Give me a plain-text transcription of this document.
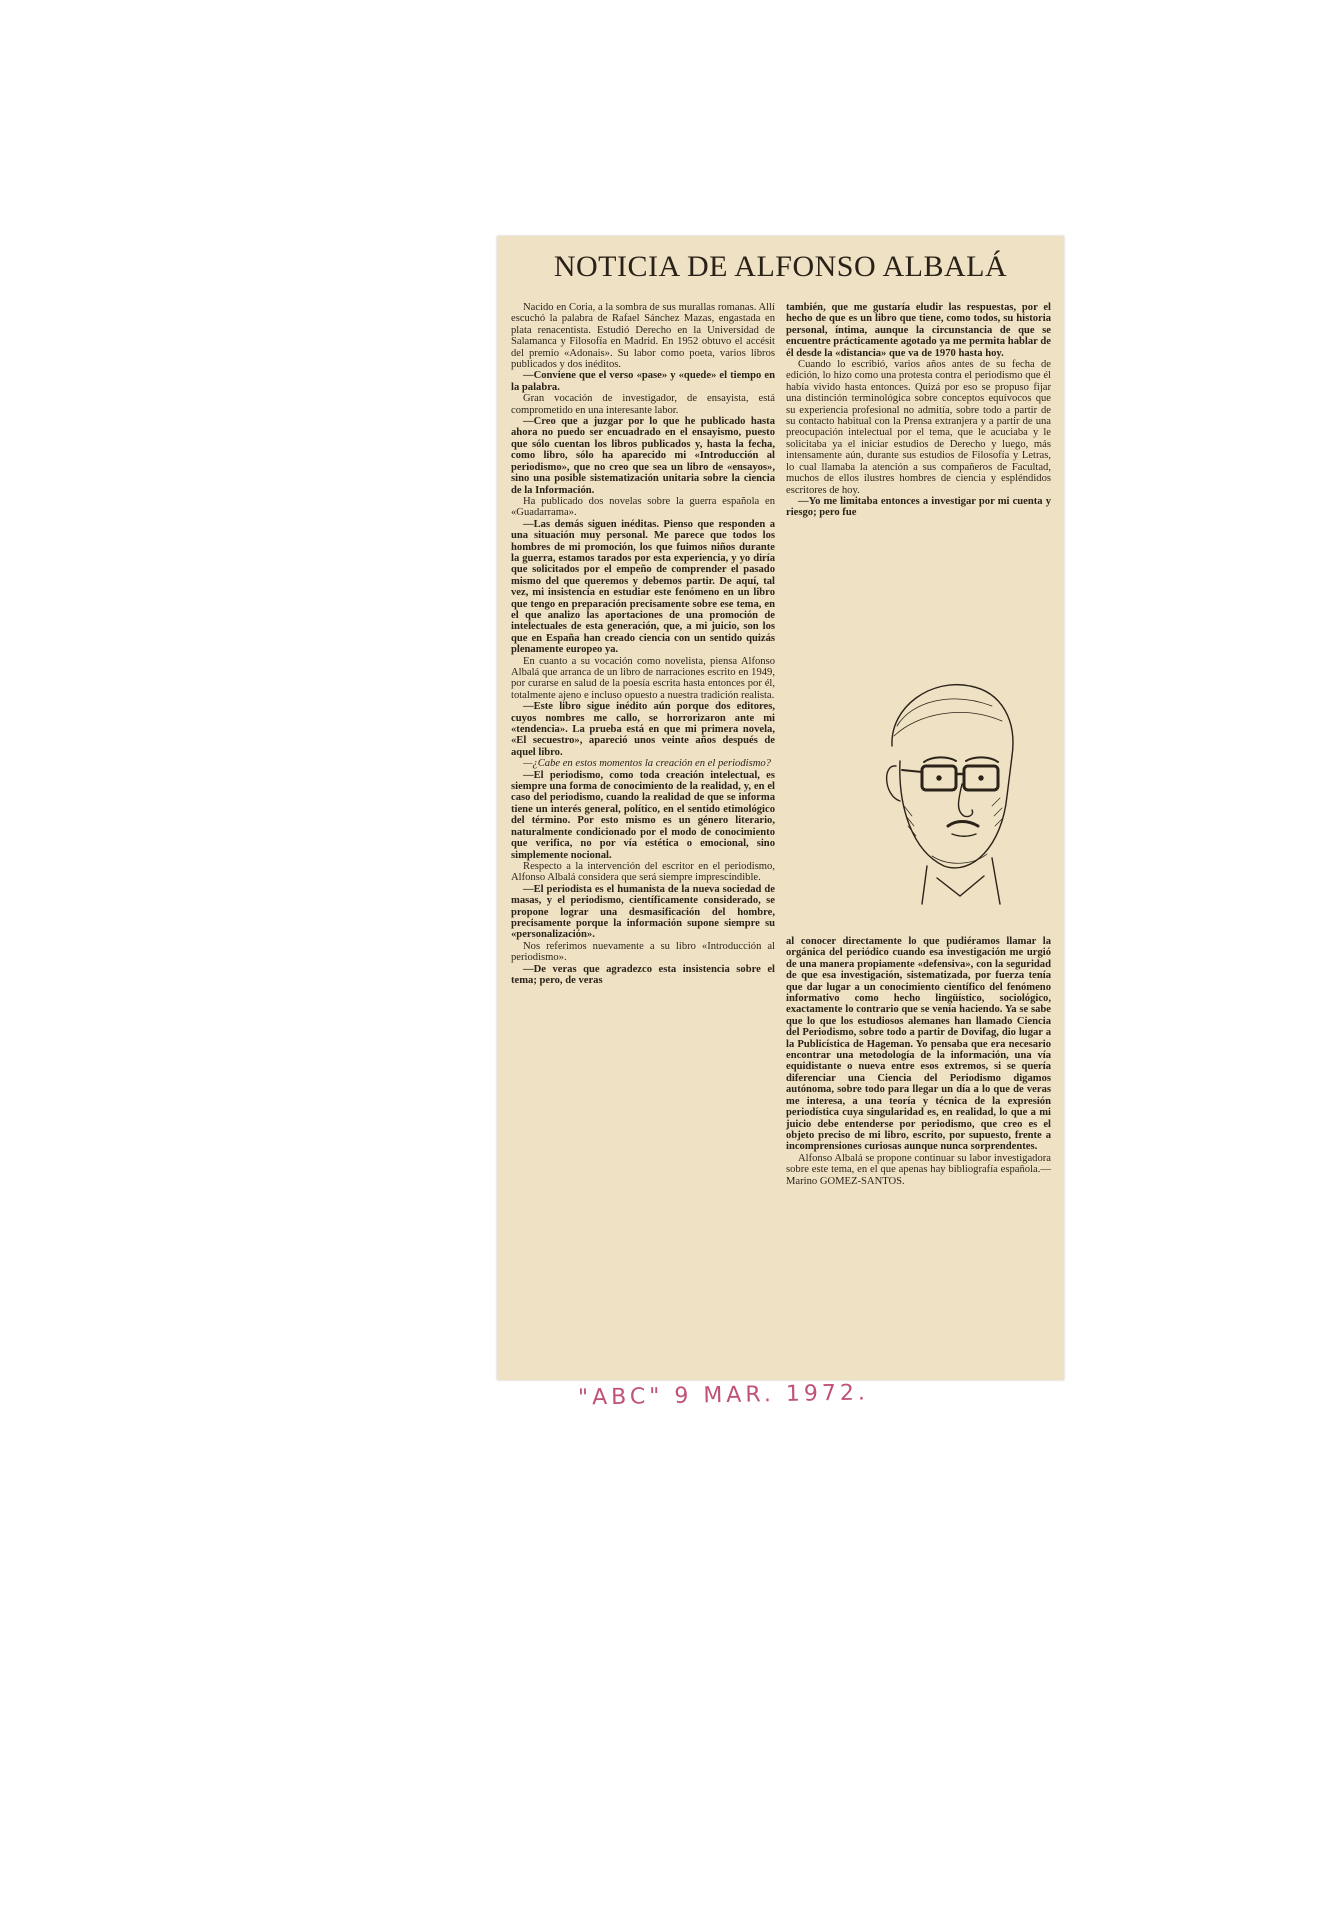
NOTICIA DE ALFONSO ALBALÁ

Nacido en Coria, a la sombra de sus murallas romanas. Allí escuchó la palabra de Rafael Sánchez Mazas, engastada en plata renacentista. Estudió Derecho en la Universidad de Salamanca y Filosofía en Madrid. En 1952 obtuvo el accésit del premio «Adonais». Su labor como poeta, varios libros publicados y dos inéditos.

—Conviene que el verso «pase» y «quede» el tiempo en la palabra.

Gran vocación de investigador, de ensayista, está comprometido en una interesante labor.

—Creo que a juzgar por lo que he publicado hasta ahora no puedo ser encuadrado en el ensayismo, puesto que sólo cuentan los libros publicados y, hasta la fecha, como libro, sólo ha aparecido mi «Introducción al periodismo», que no creo que sea un libro de «ensayos», sino una posible sistematización unitaria sobre la ciencia de la Información.

Ha publicado dos novelas sobre la guerra española en «Guadarrama».

—Las demás siguen inéditas. Pienso que responden a una situación muy personal. Me parece que todos los hombres de mi promoción, los que fuimos niños durante la guerra, estamos tarados por esta experiencia, y yo diría que solicitados por el empeño de comprender el pasado mismo del que queremos y debemos partir. De aquí, tal vez, mi insistencia en estudiar este fenómeno en un libro que tengo en preparación precisamente sobre ese tema, en el que analizo las aportaciones de una promoción de intelectuales de esta generación, que, a mi juicio, son los que en España han creado ciencia con un sentido quizás plenamente europeo ya.

En cuanto a su vocación como novelista, piensa Alfonso Albalá que arranca de un libro de narraciones escrito en 1949, por curarse en salud de la poesía escrita hasta entonces por él, totalmente ajeno e incluso opuesto a nuestra tradición realista.

—Este libro sigue inédito aún porque dos editores, cuyos nombres me callo, se horrorizaron ante mi «tendencia». La prueba está en que mi primera novela, «El secuestro», apareció unos veinte años después de aquel libro.

—¿Cabe en estos momentos la creación en el periodismo?

—El periodismo, como toda creación intelectual, es siempre una forma de conocimiento de la realidad, y, en el caso del periodismo, cuando la realidad de que se informa tiene un interés general, político, en el sentido etimológico del término. Por esto mismo es un género literario, naturalmente condicionado por el modo de conocimiento que verifica, no por vía estética o emocional, sino simplemente nocional.

Respecto a la intervención del escritor en el periodismo, Alfonso Albalá considera que será siempre imprescindible.

—El periodista es el humanista de la nueva sociedad de masas, y el periodismo, científicamente considerado, se propone lograr una desmasificación del hombre, precisamente porque la información supone siempre su «personalización».

Nos referimos nuevamente a su libro «Introducción al periodismo».

—De veras que agradezco esta insistencia sobre el tema; pero, de veras

también, que me gustaría eludir las respuestas, por el hecho de que es un libro que tiene, como todos, su historia personal, íntima, aunque la circunstancia de que se encuentre prácticamente agotado ya me permita hablar de él desde la «distancia» que va de 1970 hasta hoy.

Cuando lo escribió, varios años antes de su fecha de edición, lo hizo como una protesta contra el periodismo que él había vivido hasta entonces. Quizá por eso se propuso fijar una distinción terminológica sobre conceptos equívocos que su experiencia profesional no admitía, sobre todo a partir de su contacto habitual con la Prensa extranjera y a partir de una preocupación intelectual por el tema, que le acuciaba y le solicitaba ya el iniciar estudios de Derecho y luego, más intensamente aún, durante sus estudios de Filosofía y Letras, lo cual llamaba la atención a sus compañeros de Facultad, muchos de ellos ilustres hombres de ciencia y espléndidos escritores de hoy.

—Yo me limitaba entonces a investigar por mi cuenta y riesgo; pero fue

al conocer directamente lo que pudiéramos llamar la orgánica del periódico cuando esa investigación me urgió de una manera propiamente «defensiva», con la seguridad de que esa investigación, sistematizada, por fuerza tenía que dar lugar a un conocimiento científico del fenómeno informativo como hecho lingüístico, sociológico, exactamente lo contrario que se venía haciendo. Ya se sabe que lo que los estudiosos alemanes han llamado Ciencia del Periodismo, sobre todo a partir de Dovifag, dio lugar a la Publicística de Hageman. Yo pensaba que era necesario encontrar una metodología de la información, una vía equidistante o nueva entre esos extremos, si se quería diferenciar una Ciencia del Periodismo digamos autónoma, sobre todo para llegar un día a lo que de veras me interesa, a una teoría y técnica de la expresión periodística cuya singularidad es, en realidad, lo que a mi juicio debe entenderse por periodismo, que creo es el objeto preciso de mi libro, escrito, por supuesto, frente a incomprensiones curiosas aunque nunca sorprendentes.

Alfonso Albalá se propone continuar su labor investigadora sobre este tema, en el que apenas hay bibliografía española.—Marino GOMEZ-SANTOS.

"ABC" 9 MAR. 1972.
